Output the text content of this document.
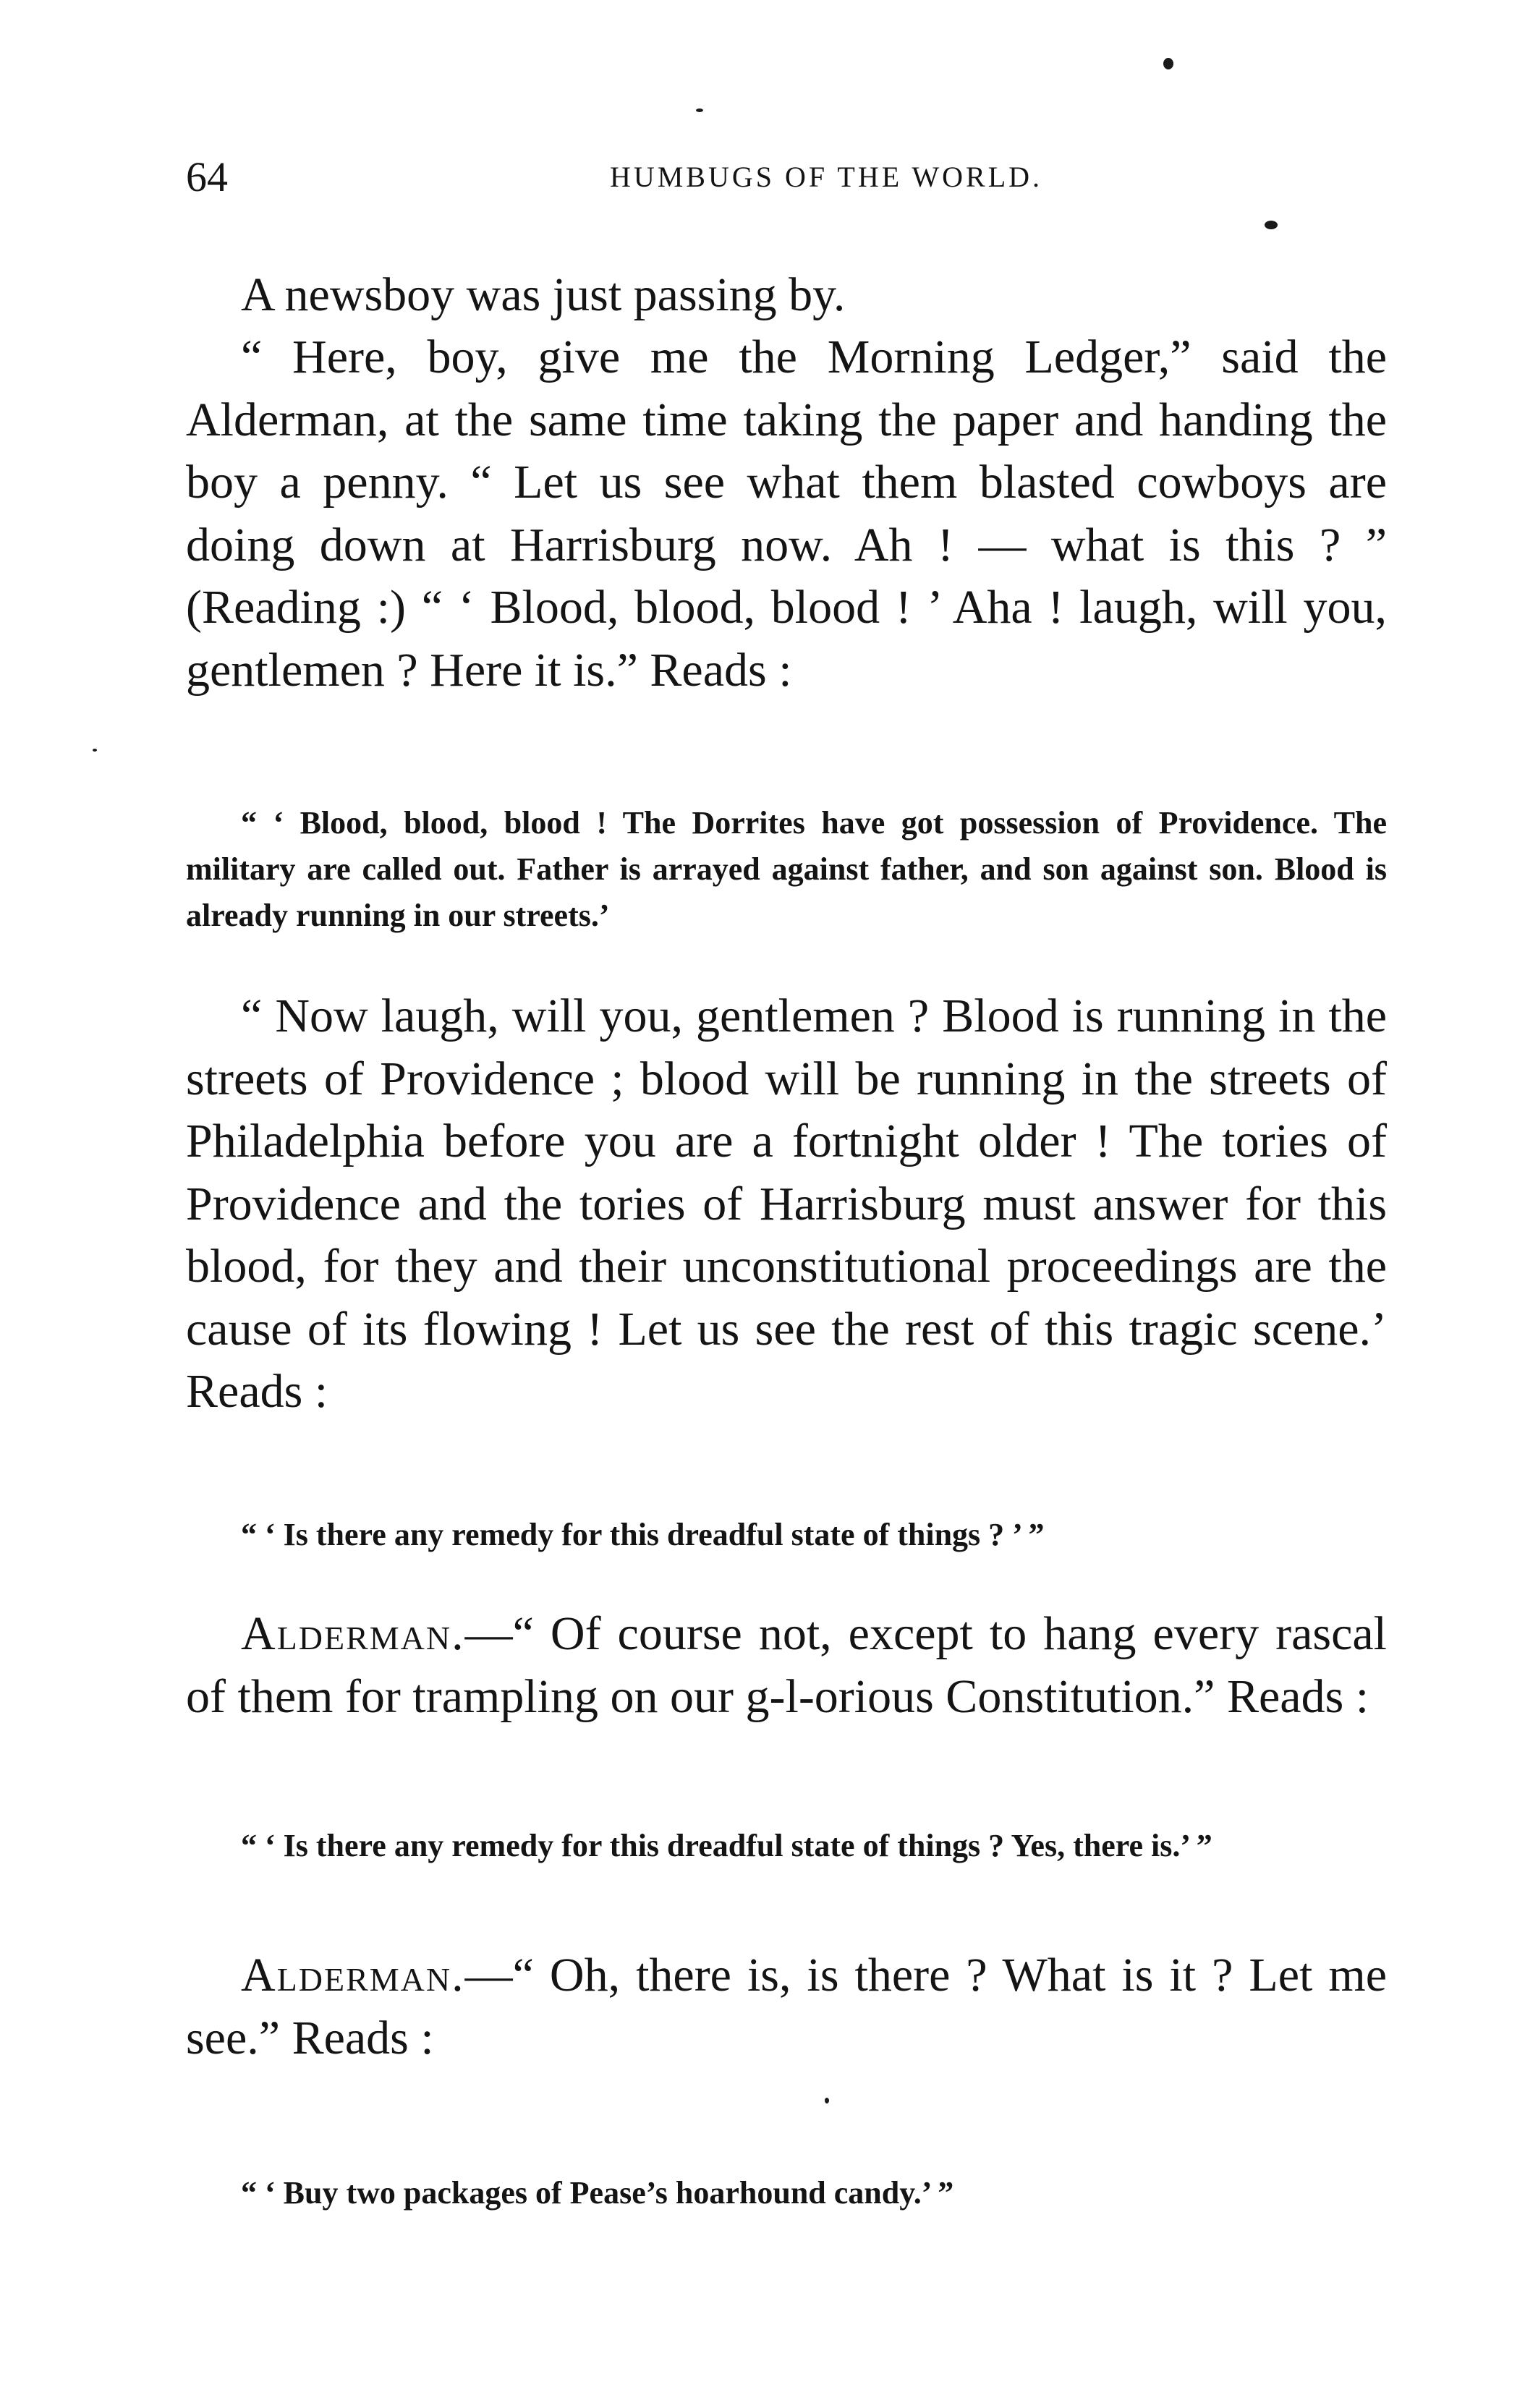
64	HUMBUGS OF THE WORLD.

A newsboy was just passing by.

“ Here, boy, give me the Morning Ledger,” said the Alderman, at the same time taking the paper and handing the boy a penny. “ Let us see what them blasted cowboys are doing down at Harrisburg now. Ah ! — what is this ? ” (Reading :) “ ‘ Blood, blood, blood ! ’ Aha ! laugh, will you, gentlemen ? Here it is.” Reads :

“ ‘ Blood, blood, blood ! The Dorrites have got possession of Providence. The military are called out. Father is arrayed against father, and son against son. Blood is already running in our streets.’

“ Now laugh, will you, gentlemen ? Blood is running in the streets of Providence ; blood will be running in the streets of Philadelphia before you are a fortnight older ! The tories of Providence and the tories of Harrisburg must answer for this blood, for they and their unconstitutional proceedings are the cause of its flowing ! Let us see the rest of this tragic scene.’ Reads :

“ ‘ Is there any remedy for this dreadful state of things ? ’ ”

Alderman.—“ Of course not, except to hang every rascal of them for trampling on our g-l-orious Constitution.” Reads :

“ ‘ Is there any remedy for this dreadful state of things ? Yes, there is.’ ”

Alderman.—“ Oh, there is, is there ? What is it ? Let me see.” Reads :

“ ‘ Buy two packages of Pease’s hoarhound candy.’ ”
